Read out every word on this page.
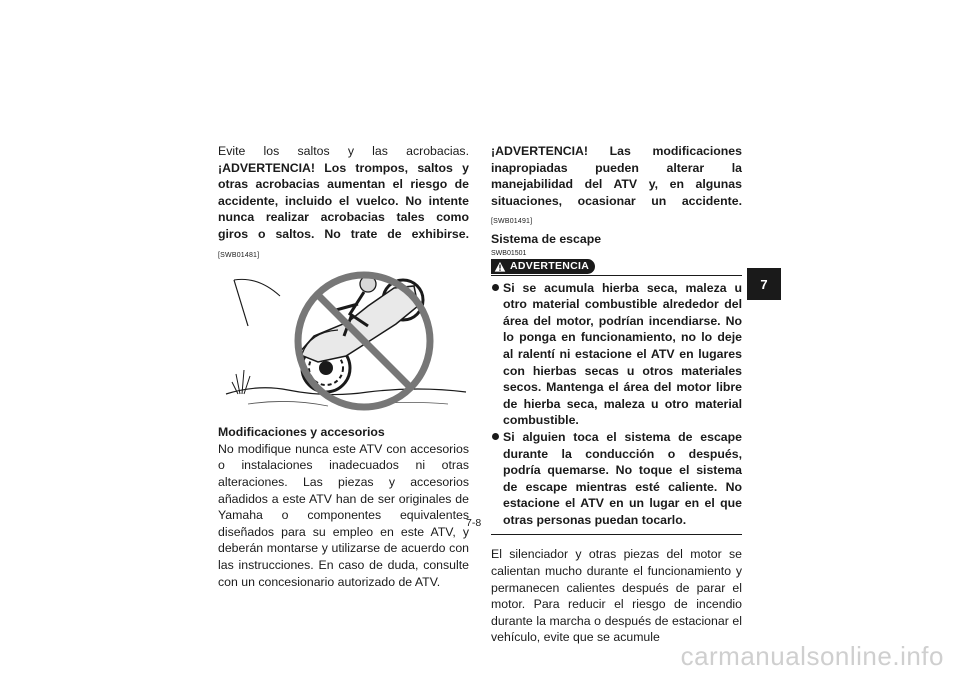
Evite los saltos y las acrobacias. ¡ADVERTENCIA! Los trompos, saltos y otras acrobacias aumentan el riesgo de accidente, incluido el vuelco. No intente nunca realizar acrobacias tales como giros o saltos. No trate de exhibirse. [SWB01481]

Modificaciones y accesorios

No modifique nunca este ATV con accesorios o instalaciones inadecuados ni otras alteraciones. Las piezas y accesorios añadidos a este ATV han de ser originales de Yamaha o componentes equivalentes diseñados para su empleo en este ATV, y deberán montarse y utilizarse de acuerdo con las instrucciones. En caso de duda, consulte con un concesionario autorizado de ATV.

¡ADVERTENCIA! Las modificaciones inapropiadas pueden alterar la manejabilidad del ATV y, en algunas situaciones, ocasionar un accidente. [SWB01491]

Sistema de escape

SWB01501
ADVERTENCIA
Si se acumula hierba seca, maleza u otro material combustible alrededor del área del motor, podrían incendiarse. No lo ponga en funcionamiento, no lo deje al ralentí ni estacione el ATV en lugares con hierbas secas u otros materiales secos. Mantenga el área del motor libre de hierba seca, maleza u otro material combustible.
Si alguien toca el sistema de escape durante la conducción o después, podría quemarse. No toque el sistema de escape mientras esté caliente. No estacione el ATV en un lugar en el que otras personas puedan tocarlo.

El silenciador y otras piezas del motor se calientan mucho durante el funcionamiento y permanecen calientes después de parar el motor. Para reducir el riesgo de incendio durante la marcha o después de estacionar el vehículo, evite que se acumule

7-8
7
carmanualsonline.info
